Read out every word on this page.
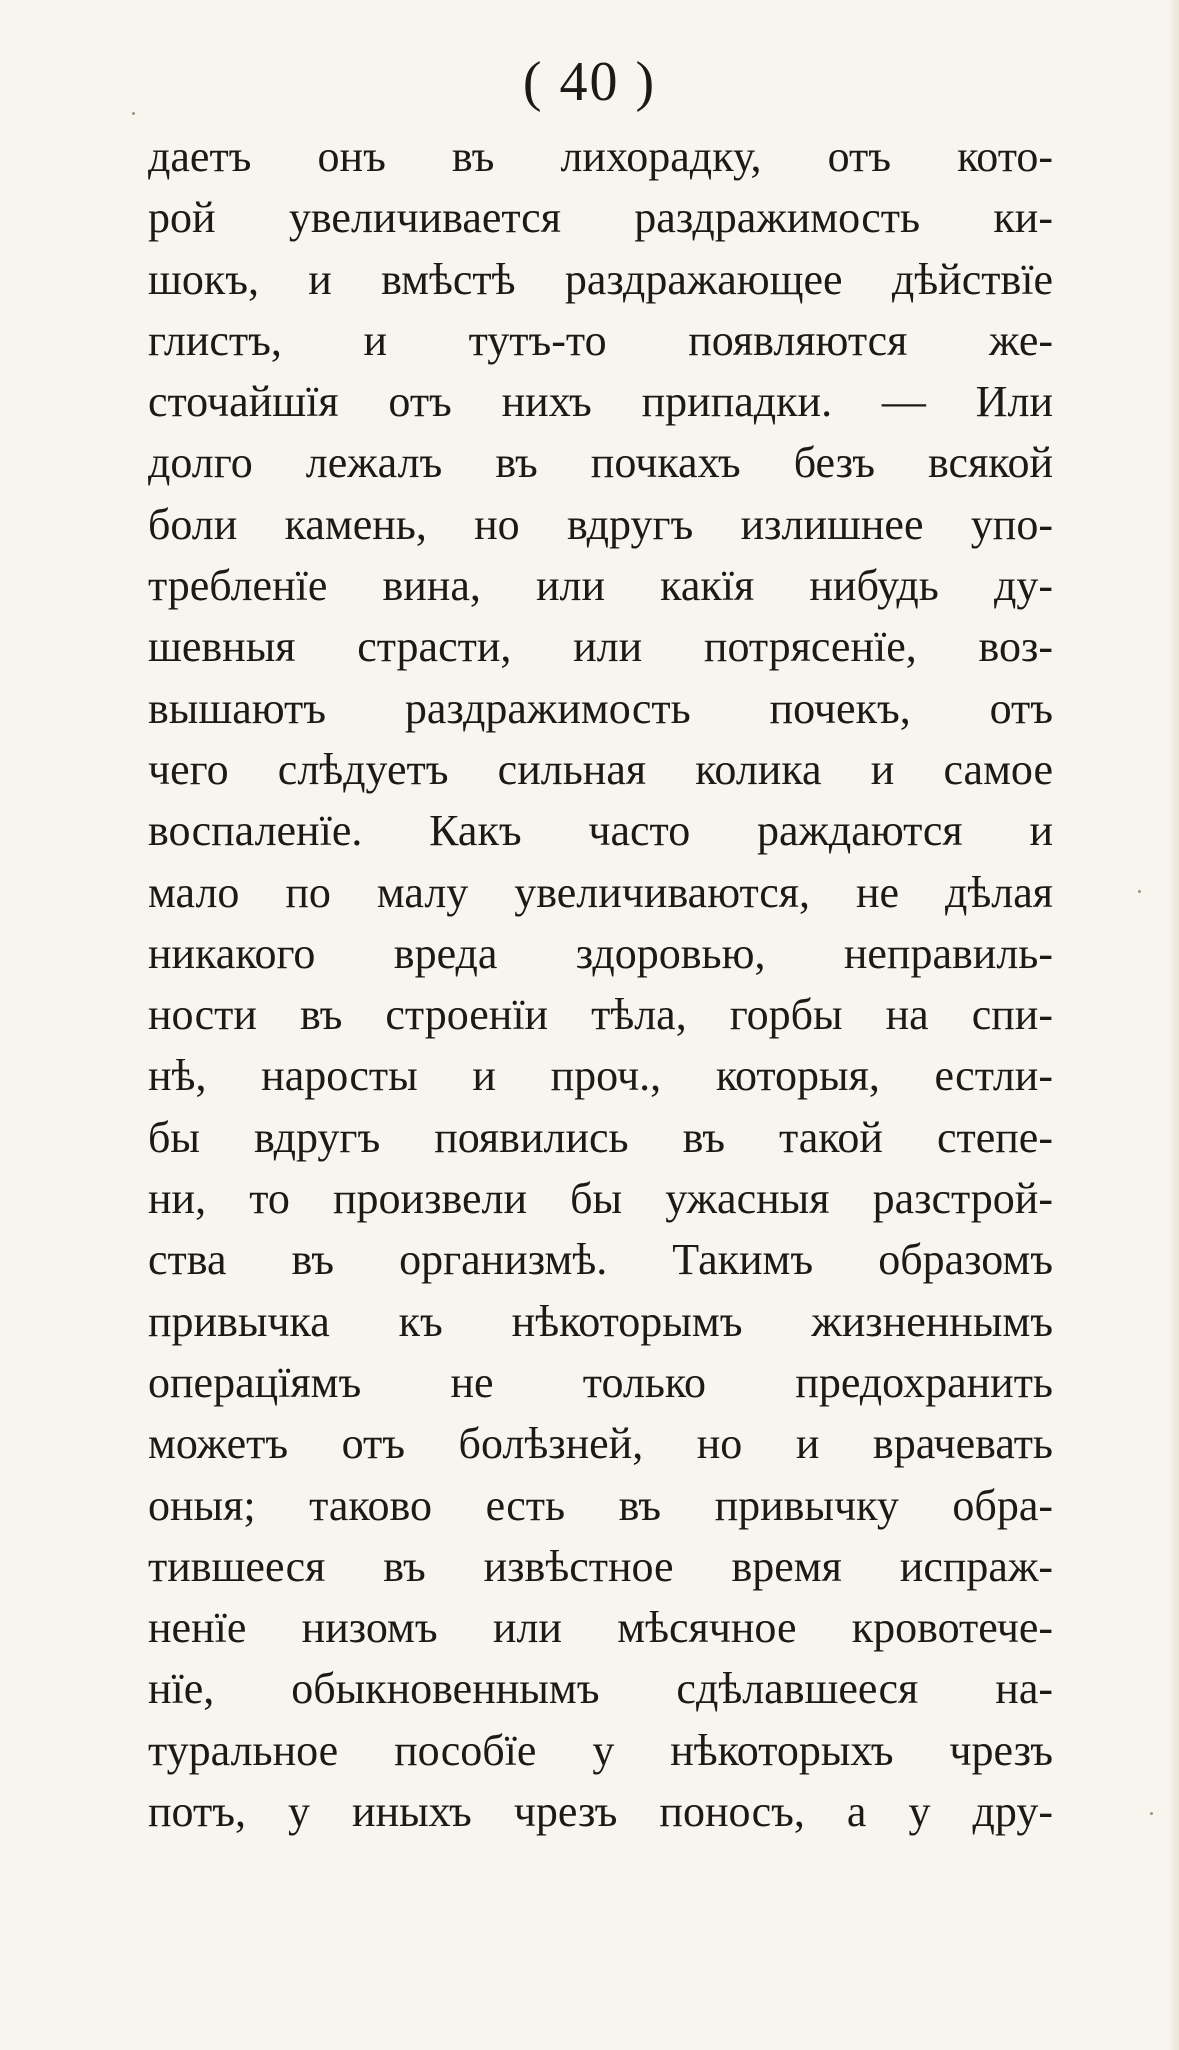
( 40 )
даетъ онъ въ лихорадку, отъ кото-
рой увеличивается раздражимость ки-
шокъ, и вмѣстѣ раздражающее дѣйствїе
глистъ, и тутъ-то появляются же-
сточайшїя отъ нихъ припадки. — Или
долго лежалъ въ почкахъ безъ всякой
боли камень, но вдругъ излишнее упо-
требленїе вина, или какїя нибудь ду-
шевныя страсти, или потрясенїе, воз-
вышаютъ раздражимость почекъ, отъ
чего слѣдуетъ сильная колика и самое
воспаленїе. Какъ часто раждаются и
мало по малу увеличиваются, не дѣлая
никакого вреда здоровью, неправиль-
ности въ строенїи тѣла, горбы на спи-
нѣ, наросты и проч., которыя, естли-
бы вдругъ появились въ такой степе-
ни, то произвели бы ужасныя разстрой-
ства въ организмѣ. Такимъ образомъ
привычка къ нѣкоторымъ жизненнымъ
операцїямъ не только предохранить
можетъ отъ болѣзней, но и врачевать
оныя; таково есть въ привычку обра-
тившееся въ извѣстное время испраж-
ненїе низомъ или мѣсячное кровотече-
нїе, обыкновеннымъ сдѣлавшееся на-
туральное пособїе у нѣкоторыхъ чрезъ
потъ, у иныхъ чрезъ поносъ, а у дру-
